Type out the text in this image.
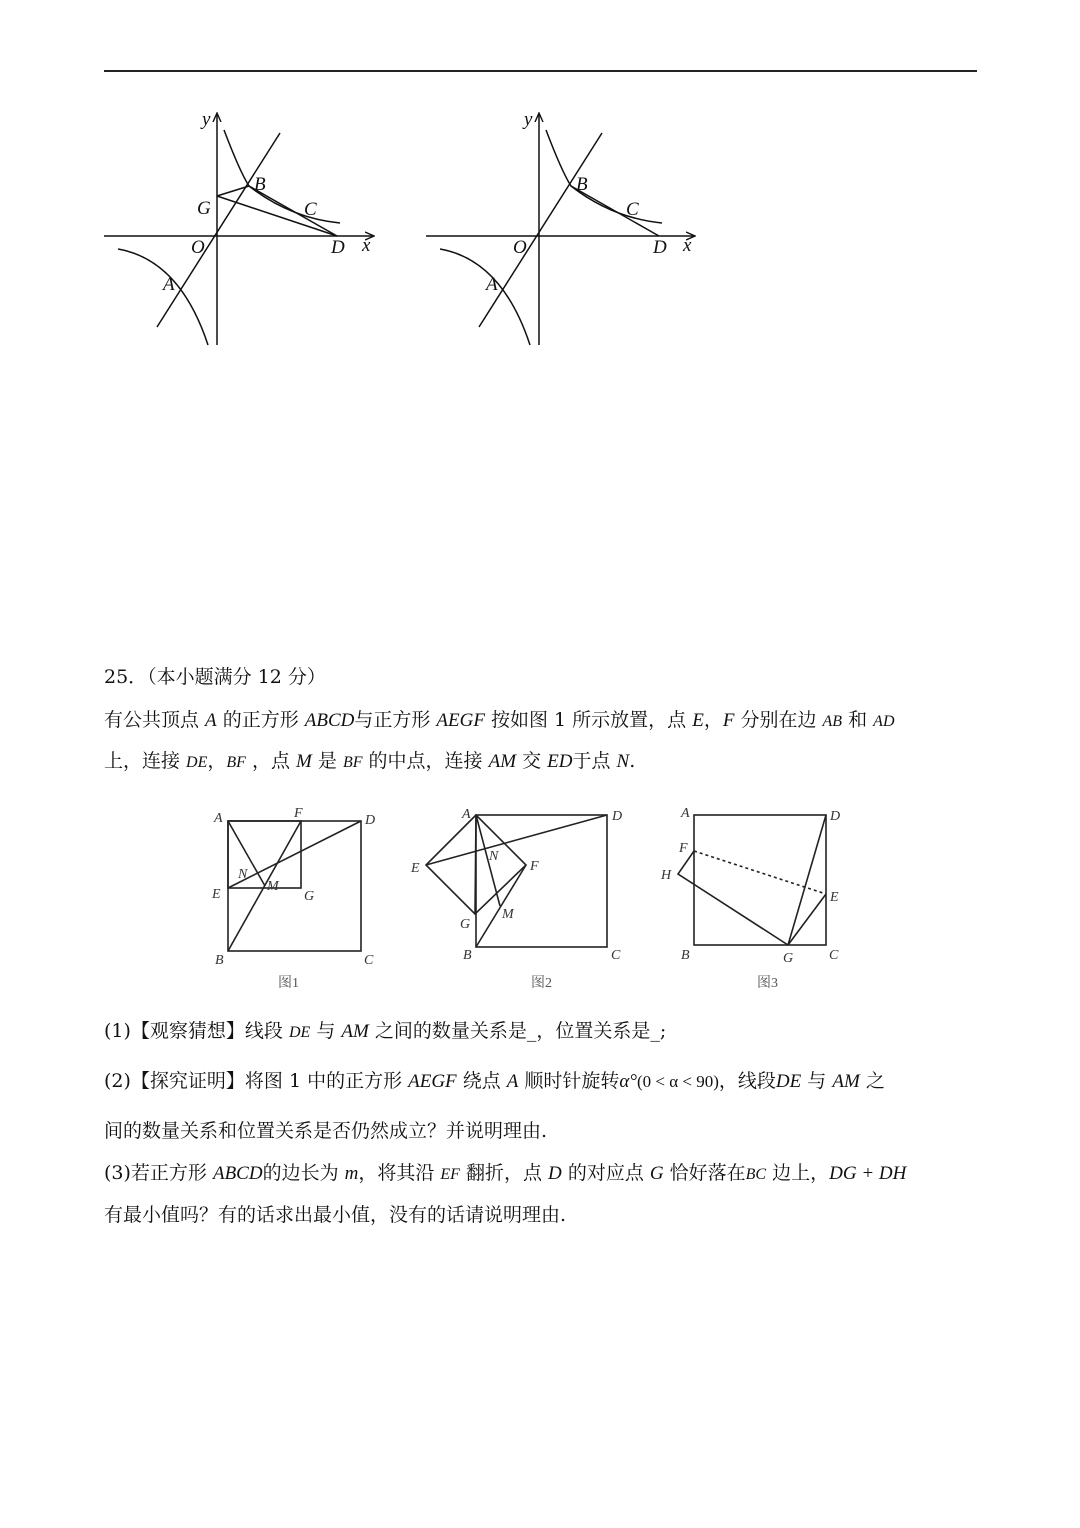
y
x
O
A
B
C
D
G
y
x
O
A
B
C
D
25．（本小题满分 12 分）
有公共顶点 A 的正方形 ABCD与正方形 AEGF 按如图 1 所示放置，点 E，F 分别在边 AB 和 AD
上，连接 DE，BF ，点 M 是 BF 的中点，连接 AM 交 ED于点 N.
A	F	D
N
M
E	G
B	C
图1
A	D
E
N
F
G
M
B	C
图2
A	D
F
H
E
B	G	C
图3
(1)【观察猜想】线段 DE 与 AM 之间的数量关系是_，位置关系是_;
(2)【探究证明】将图 1 中的正方形 AEGF 绕点 A 顺时针旋转α°(0 < α < 90)，线段DE 与 AM 之
间的数量关系和位置关系是否仍然成立？并说明理由.
(3)若正方形 ABCD的边长为 m，将其沿 EF 翻折，点 D 的对应点 G 恰好落在BC 边上，DG + DH
有最小值吗？有的话求出最小值，没有的话请说明理由.
